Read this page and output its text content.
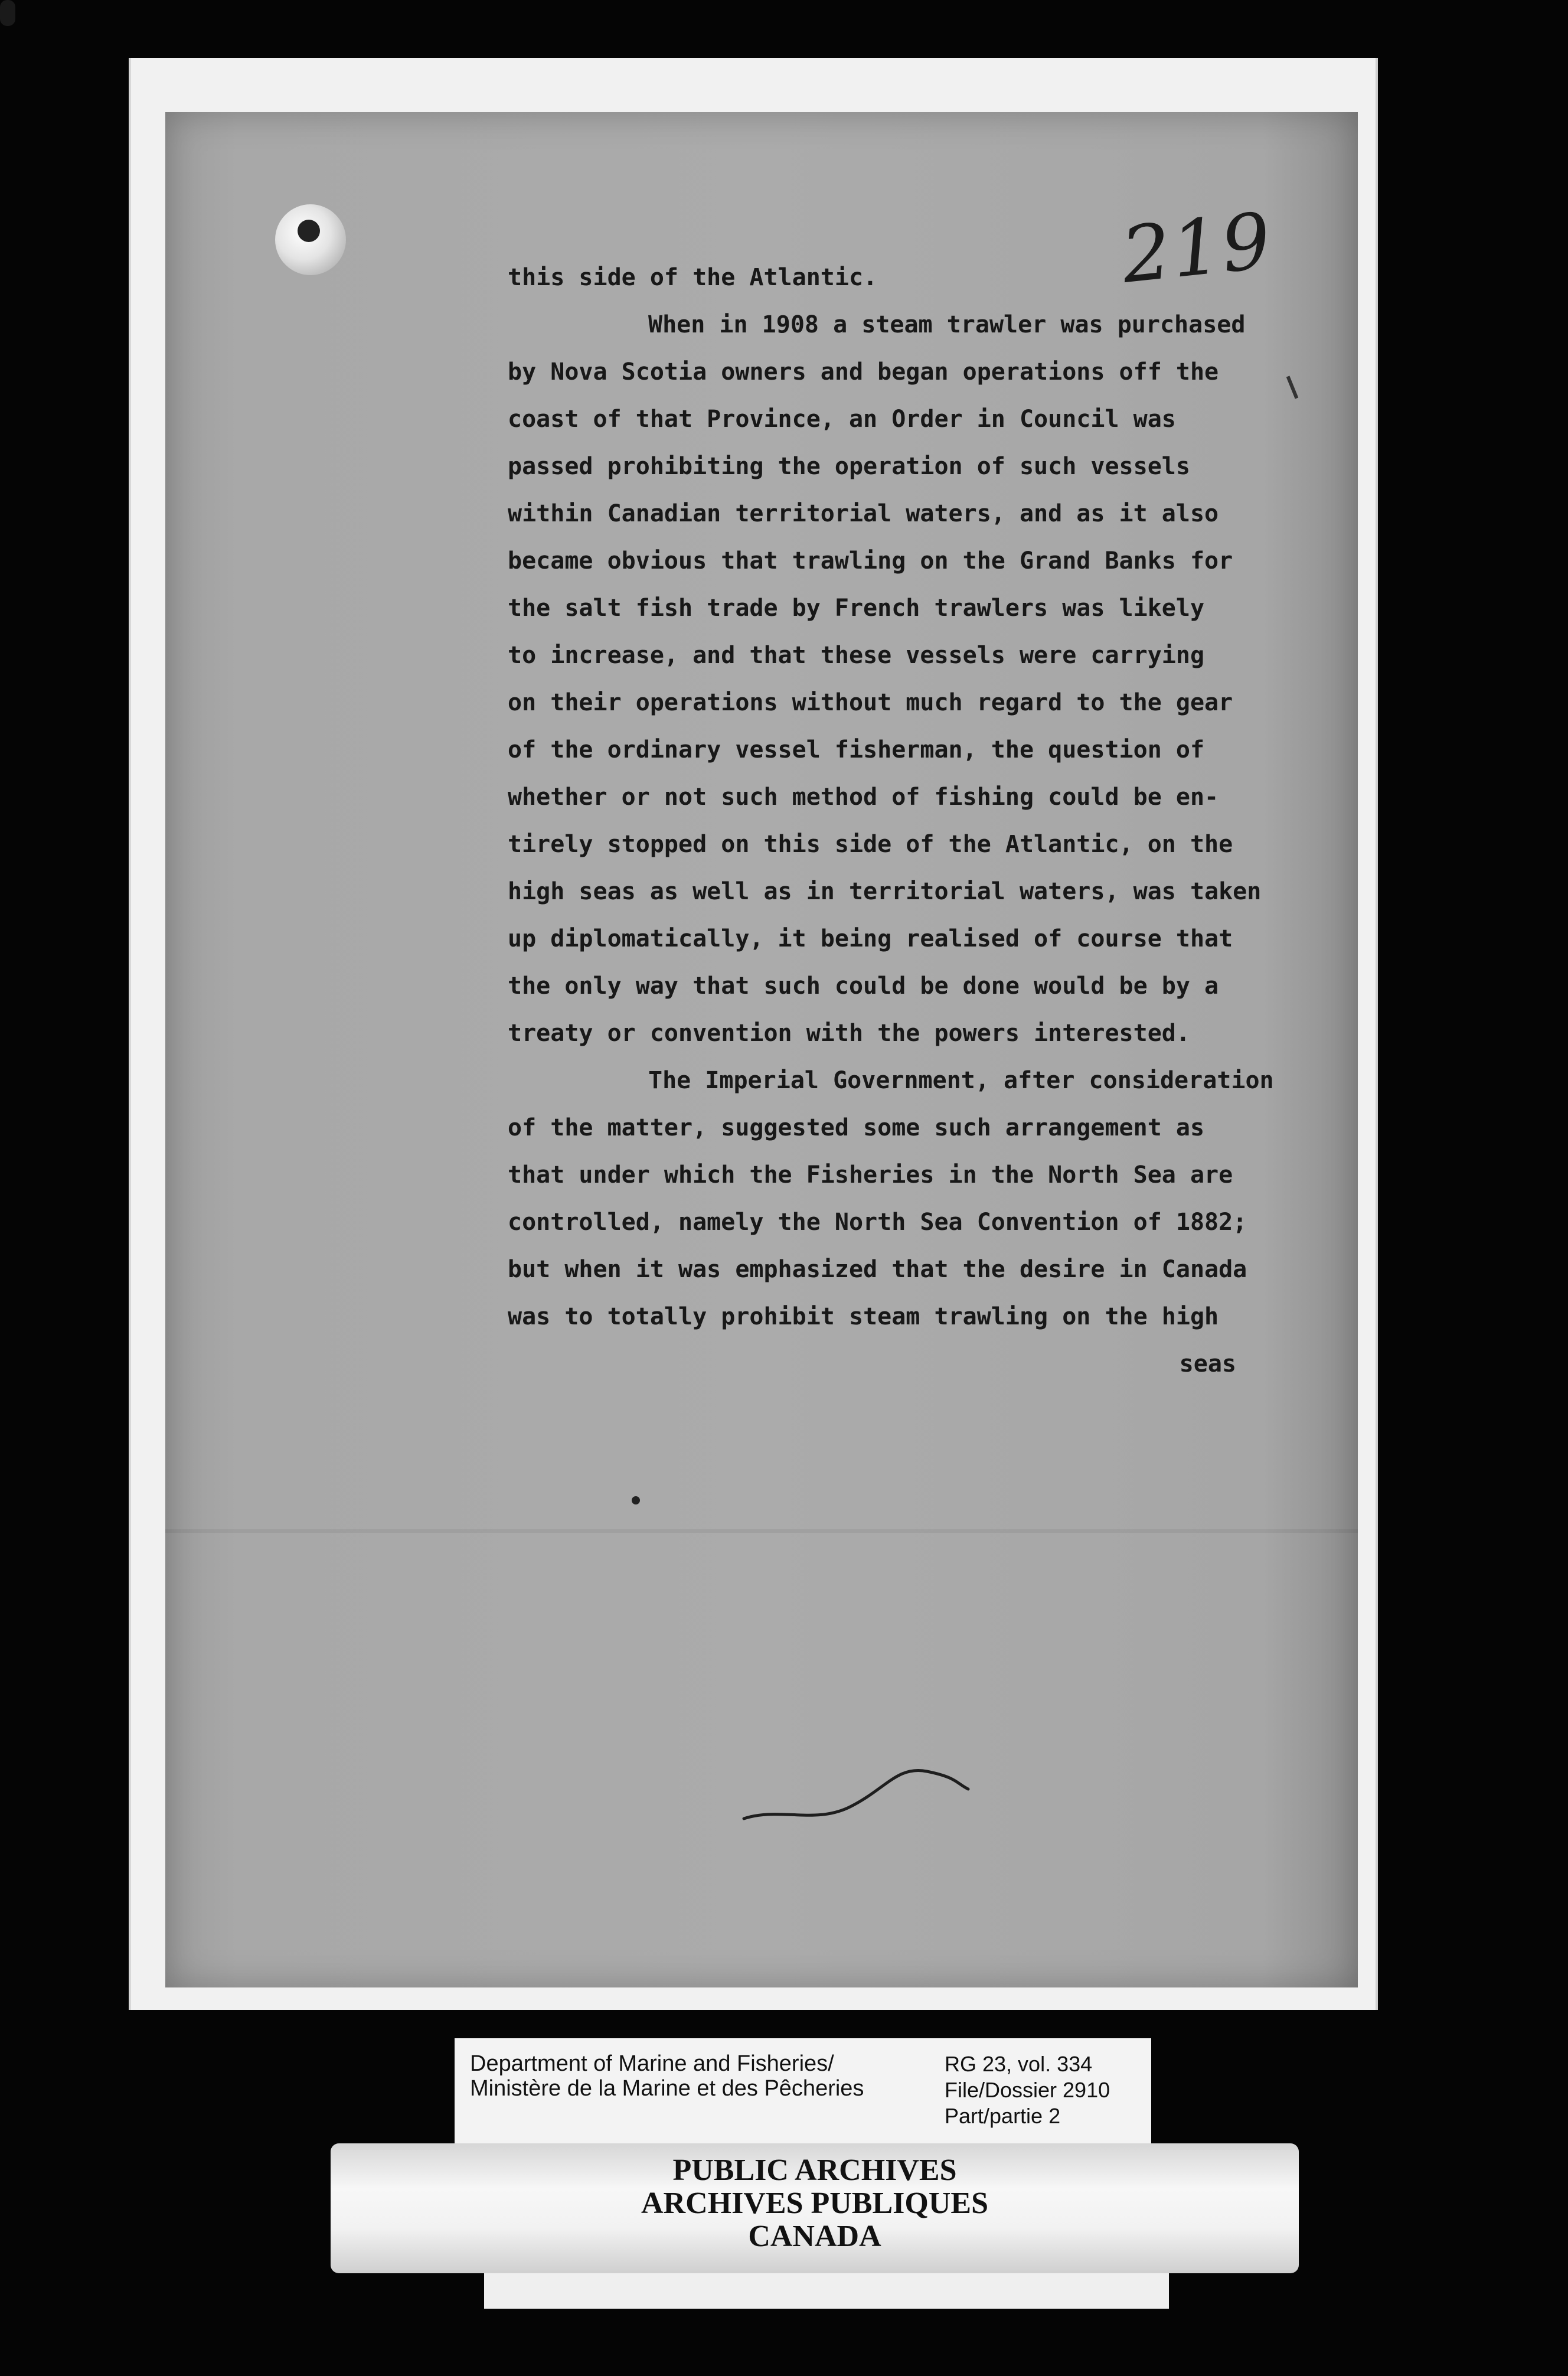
219
this side of the Atlantic.
When in 1908 a steam trawler was purchased
by Nova Scotia owners and began operations off the
coast of that Province, an Order in Council was
passed prohibiting the operation of such vessels
within Canadian territorial waters, and as it also
became obvious that trawling on the Grand Banks for
the salt fish trade by French trawlers was likely
to increase, and that these vessels were carrying
on their operations without much regard to the gear
of the ordinary vessel fisherman, the question of
whether or not such method of fishing could be en-
tirely stopped on this side of the Atlantic, on the
high seas as well as in territorial waters, was taken
up diplomatically, it being realised of course that
the only way that such could be done would be by a
treaty or convention with the powers interested.
The Imperial Government, after consideration
of the matter, suggested some such arrangement as
that under which the Fisheries in the North Sea are
controlled, namely the North Sea Convention of 1882;
but when it was emphasized that the desire in Canada
was to totally prohibit steam trawling on the high
seas
Department of Marine and Fisheries/
Ministère de la Marine et des Pêcheries
RG 23, vol. 334
File/Dossier 2910
Part/partie 2
PUBLIC ARCHIVES
ARCHIVES PUBLIQUES
CANADA
